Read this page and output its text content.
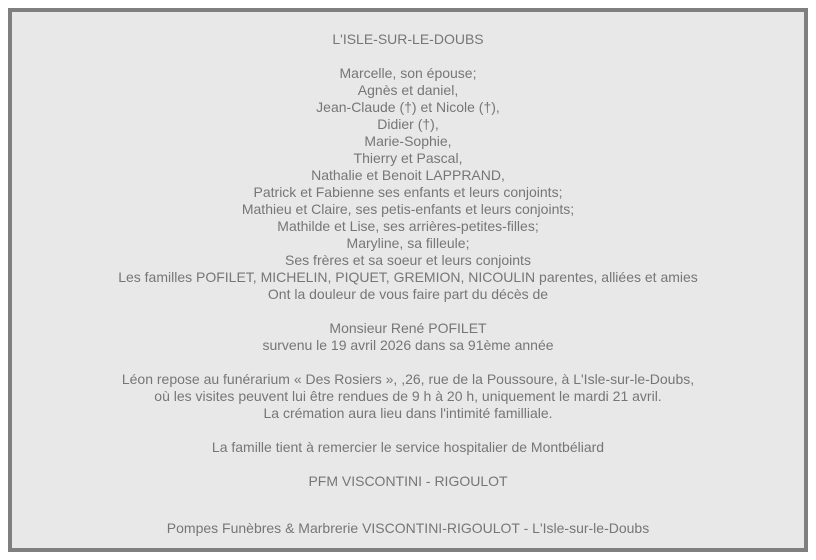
L'ISLE-SUR-LE-DOUBS
Marcelle, son épouse;
Agnès et daniel,
Jean-Claude (†) et Nicole (†),
Didier (†),
Marie-Sophie,
Thierry et Pascal,
Nathalie et Benoit LAPPRAND,
Patrick et Fabienne ses enfants et leurs conjoints;
Mathieu et Claire, ses petis-enfants et leurs conjoints;
Mathilde et Lise, ses arrières-petites-filles;
Maryline, sa filleule;
Ses frères et sa soeur et leurs conjoints
Les familles POFILET, MICHELIN, PIQUET, GREMION, NICOULIN parentes, alliées et amies
Ont la douleur de vous faire part du décès de
Monsieur René POFILET
survenu le 19 avril 2026 dans sa 91ème année
Léon repose au funérarium « Des Rosiers », ,26, rue de la Poussoure, à L'Isle-sur-le-Doubs,
où les visites peuvent lui être rendues de 9 h à 20 h, uniquement le mardi 21 avril.
La crémation aura lieu dans l'intimité familliale.
La famille tient à remercier le service hospitalier de Montbéliard
PFM VISCONTINI - RIGOULOT
Pompes Funèbres & Marbrerie VISCONTINI-RIGOULOT - L'Isle-sur-le-Doubs
